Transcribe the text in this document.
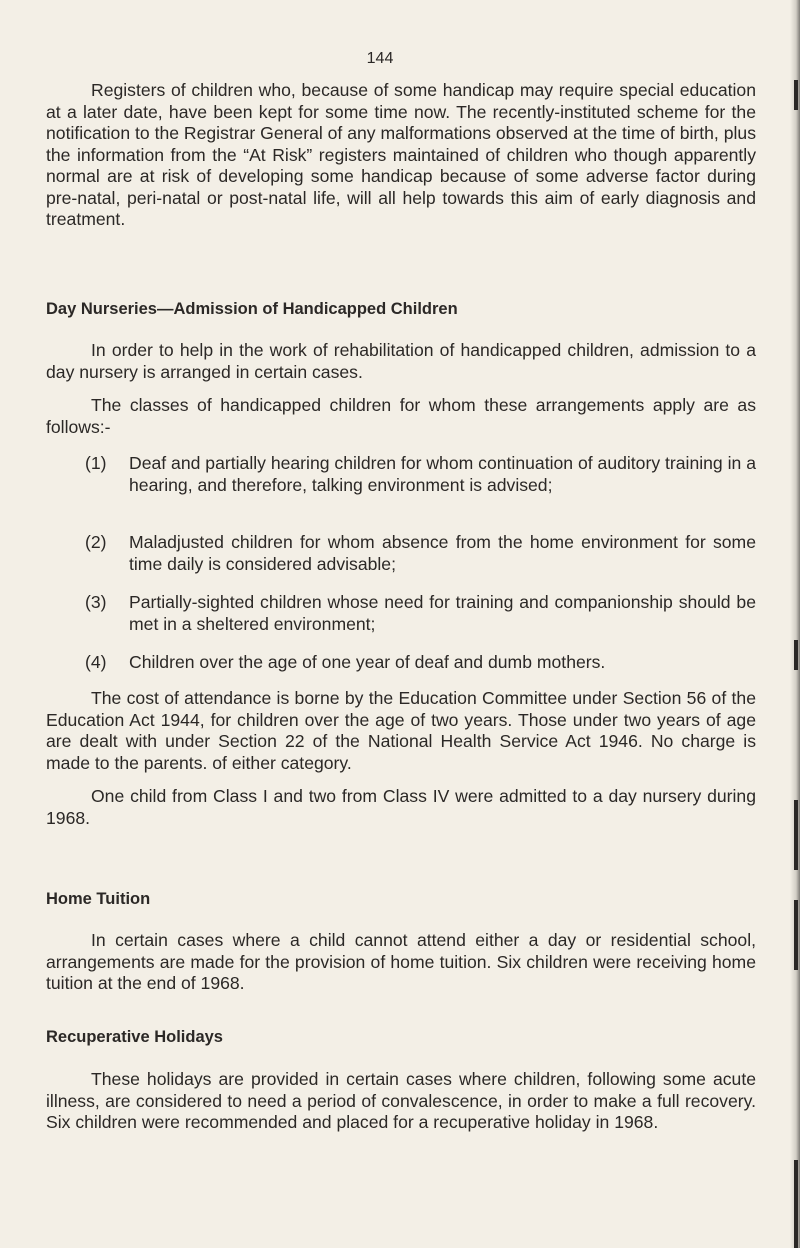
144

Registers of children who, because of some handicap may require special education at a later date, have been kept for some time now. The recently-instituted scheme for the notification to the Registrar General of any malformations observed at the time of birth, plus the information from the “At Risk” registers maintained of children who though apparently normal are at risk of developing some handicap because of some adverse factor during pre-natal, peri-natal or post-natal life, will all help towards this aim of early diagnosis and treatment.

Day Nurseries—Admission of Handicapped Children

In order to help in the work of rehabilitation of handicapped children, admission to a day nursery is arranged in certain cases.

The classes of handicapped children for whom these arrangements apply are as follows:-

(1) Deaf and partially hearing children for whom continuation of auditory training in a hearing, and therefore, talking environment is advised;
(2) Maladjusted children for whom absence from the home environment for some time daily is considered advisable;
(3) Partially-sighted children whose need for training and companionship should be met in a sheltered environment;
(4) Children over the age of one year of deaf and dumb mothers.

The cost of attendance is borne by the Education Committee under Section 56 of the Education Act 1944, for children over the age of two years. Those under two years of age are dealt with under Section 22 of the National Health Service Act 1946. No charge is made to the parents. of either category.

One child from Class I and two from Class IV were admitted to a day nursery during 1968.

Home Tuition

In certain cases where a child cannot attend either a day or residential school, arrangements are made for the provision of home tuition. Six children were receiving home tuition at the end of 1968.

Recuperative Holidays

These holidays are provided in certain cases where children, following some acute illness, are considered to need a period of convalescence, in order to make a full recovery. Six children were recommended and placed for a recuperative holiday in 1968.
